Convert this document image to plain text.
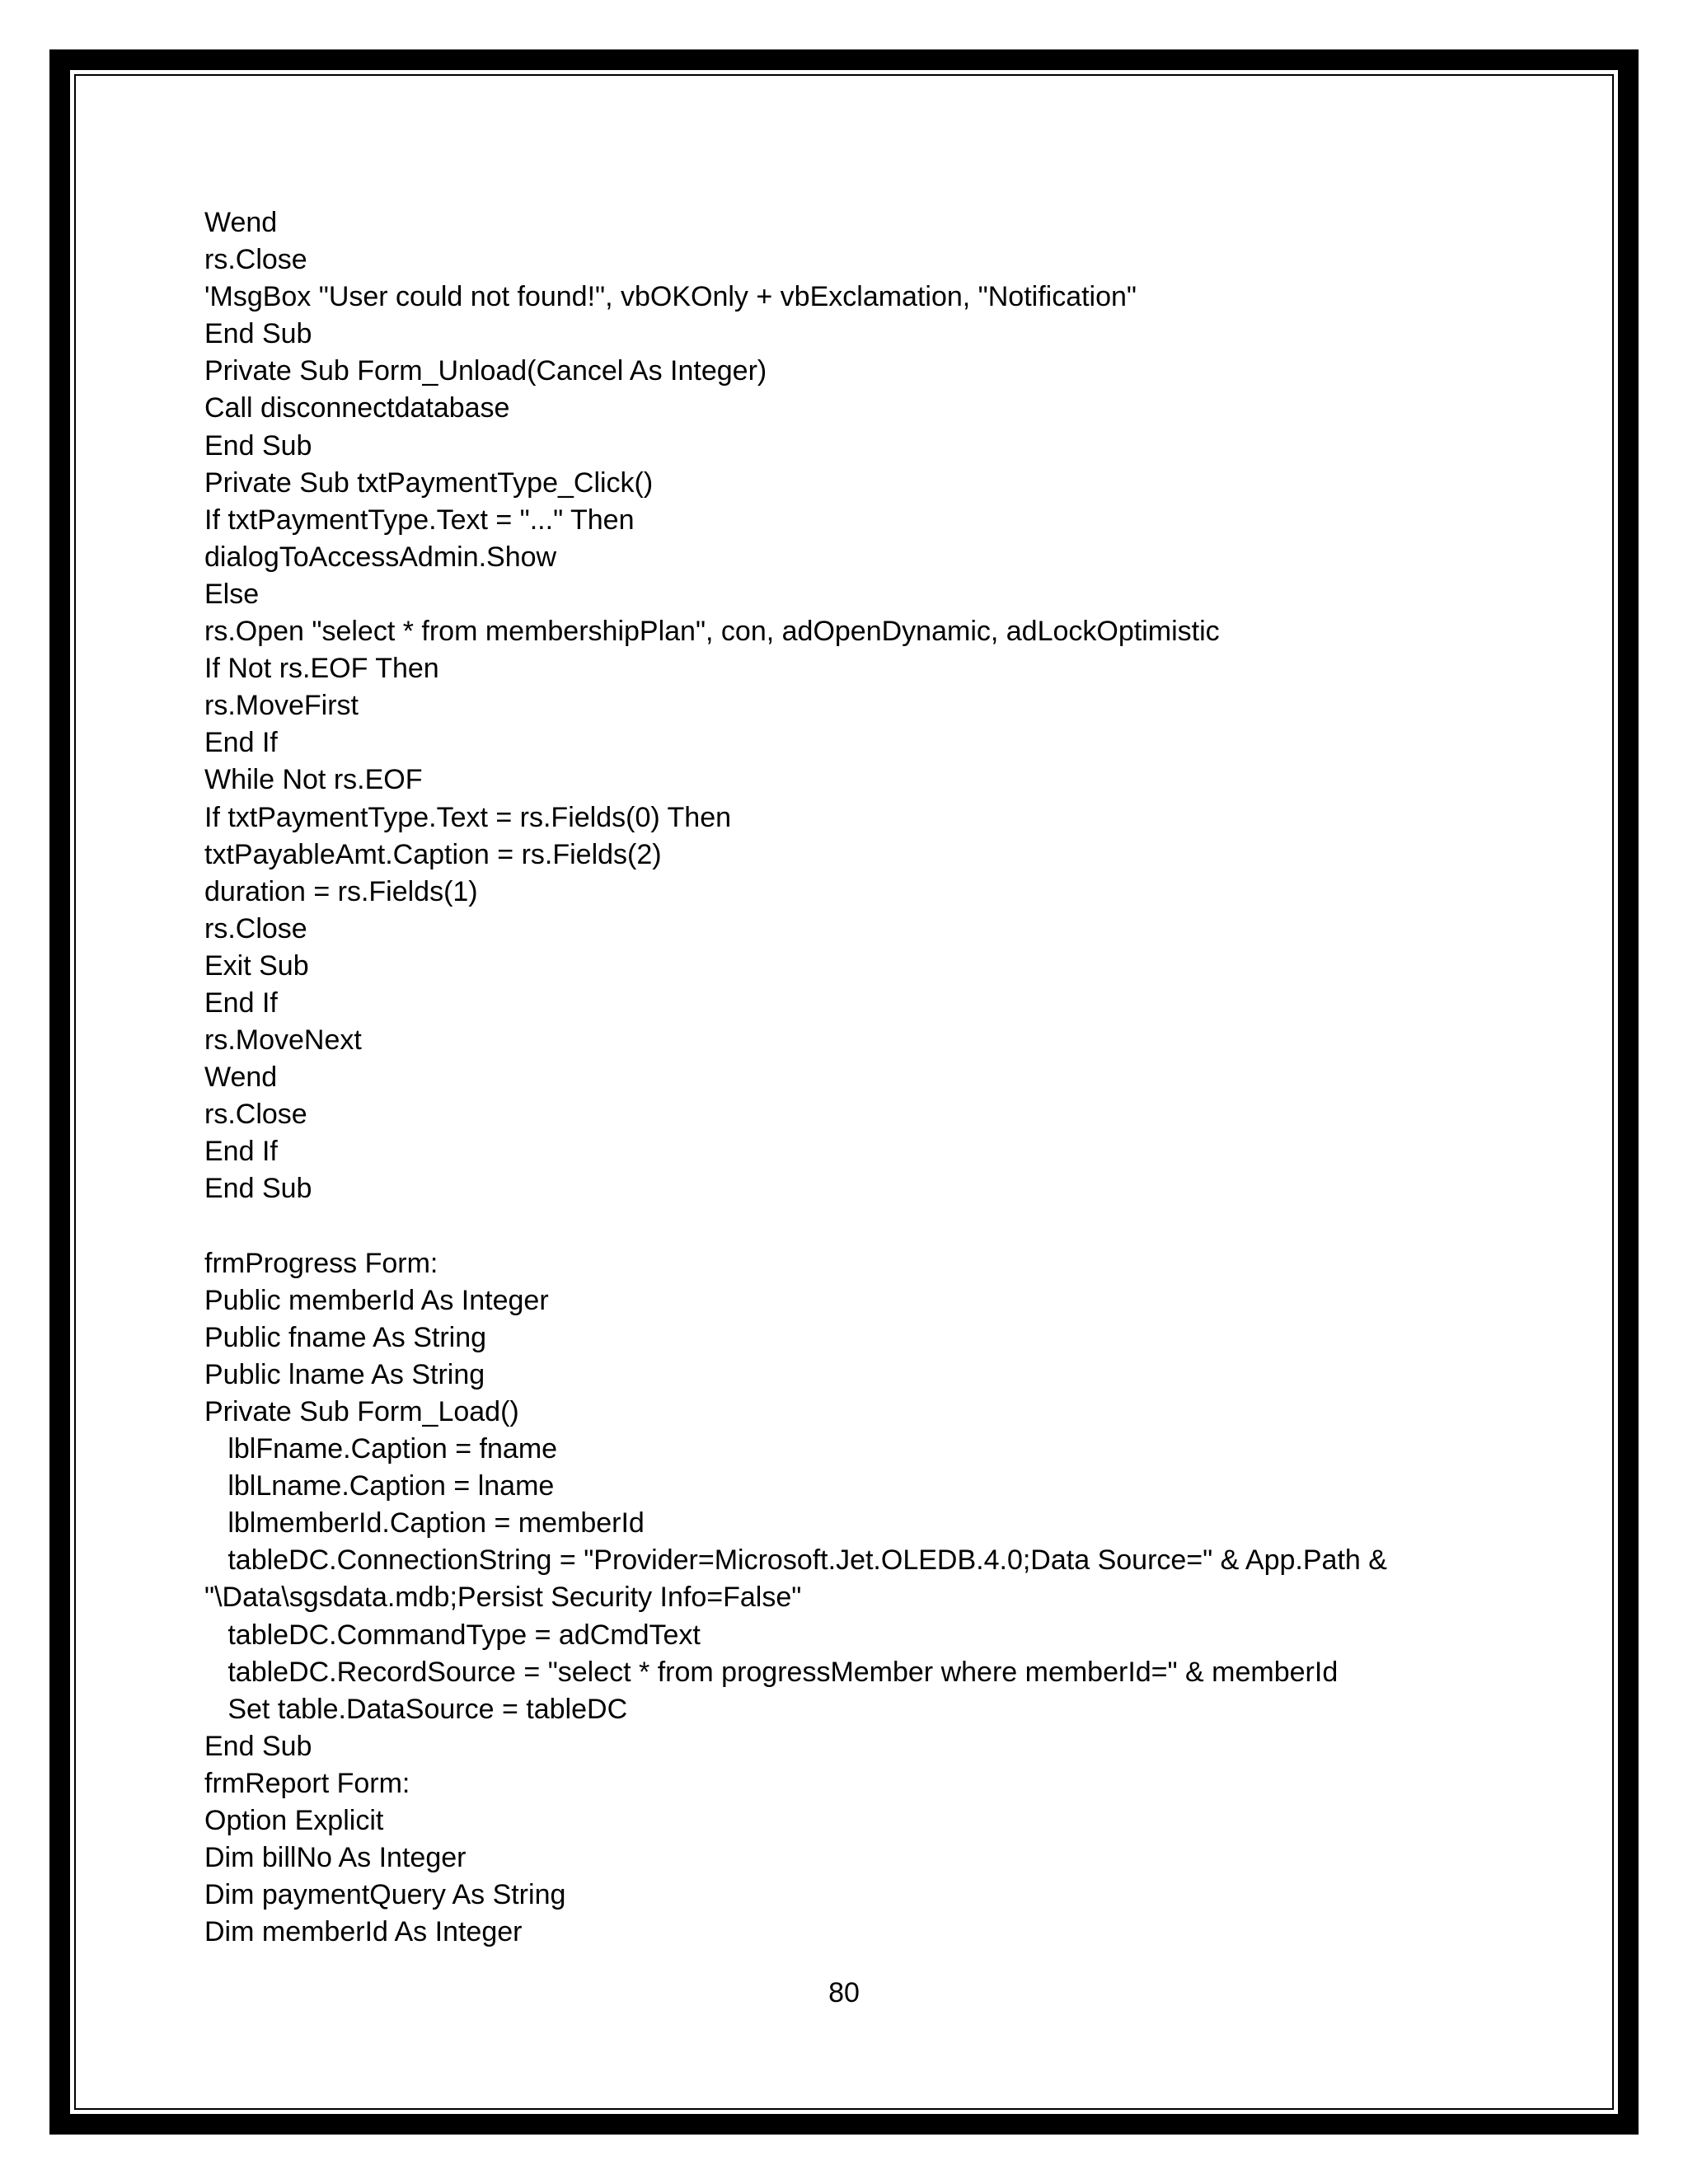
Wend
rs.Close
'MsgBox "User could not found!", vbOKOnly + vbExclamation, "Notification"
End Sub
Private Sub Form_Unload(Cancel As Integer)
Call disconnectdatabase
End Sub
Private Sub txtPaymentType_Click()
If txtPaymentType.Text = "..." Then
dialogToAccessAdmin.Show
Else
rs.Open "select * from membershipPlan", con, adOpenDynamic, adLockOptimistic
If Not rs.EOF Then
rs.MoveFirst
End If
While Not rs.EOF
If txtPaymentType.Text = rs.Fields(0) Then
txtPayableAmt.Caption = rs.Fields(2)
duration = rs.Fields(1)
rs.Close
Exit Sub
End If
rs.MoveNext
Wend
rs.Close
End If
End Sub
frmProgress Form:
Public memberId As Integer
Public fname As String
Public lname As String
Private Sub Form_Load()
lblFname.Caption = fname
lblLname.Caption = lname
lblmemberId.Caption = memberId
tableDC.ConnectionString = "Provider=Microsoft.Jet.OLEDB.4.0;Data Source=" & App.Path &
"\Data\sgsdata.mdb;Persist Security Info=False"
tableDC.CommandType = adCmdText
tableDC.RecordSource = "select * from progressMember where memberId=" & memberId
Set table.DataSource = tableDC
End Sub
frmReport Form:
Option Explicit
Dim billNo As Integer
Dim paymentQuery As String
Dim memberId As Integer
80
